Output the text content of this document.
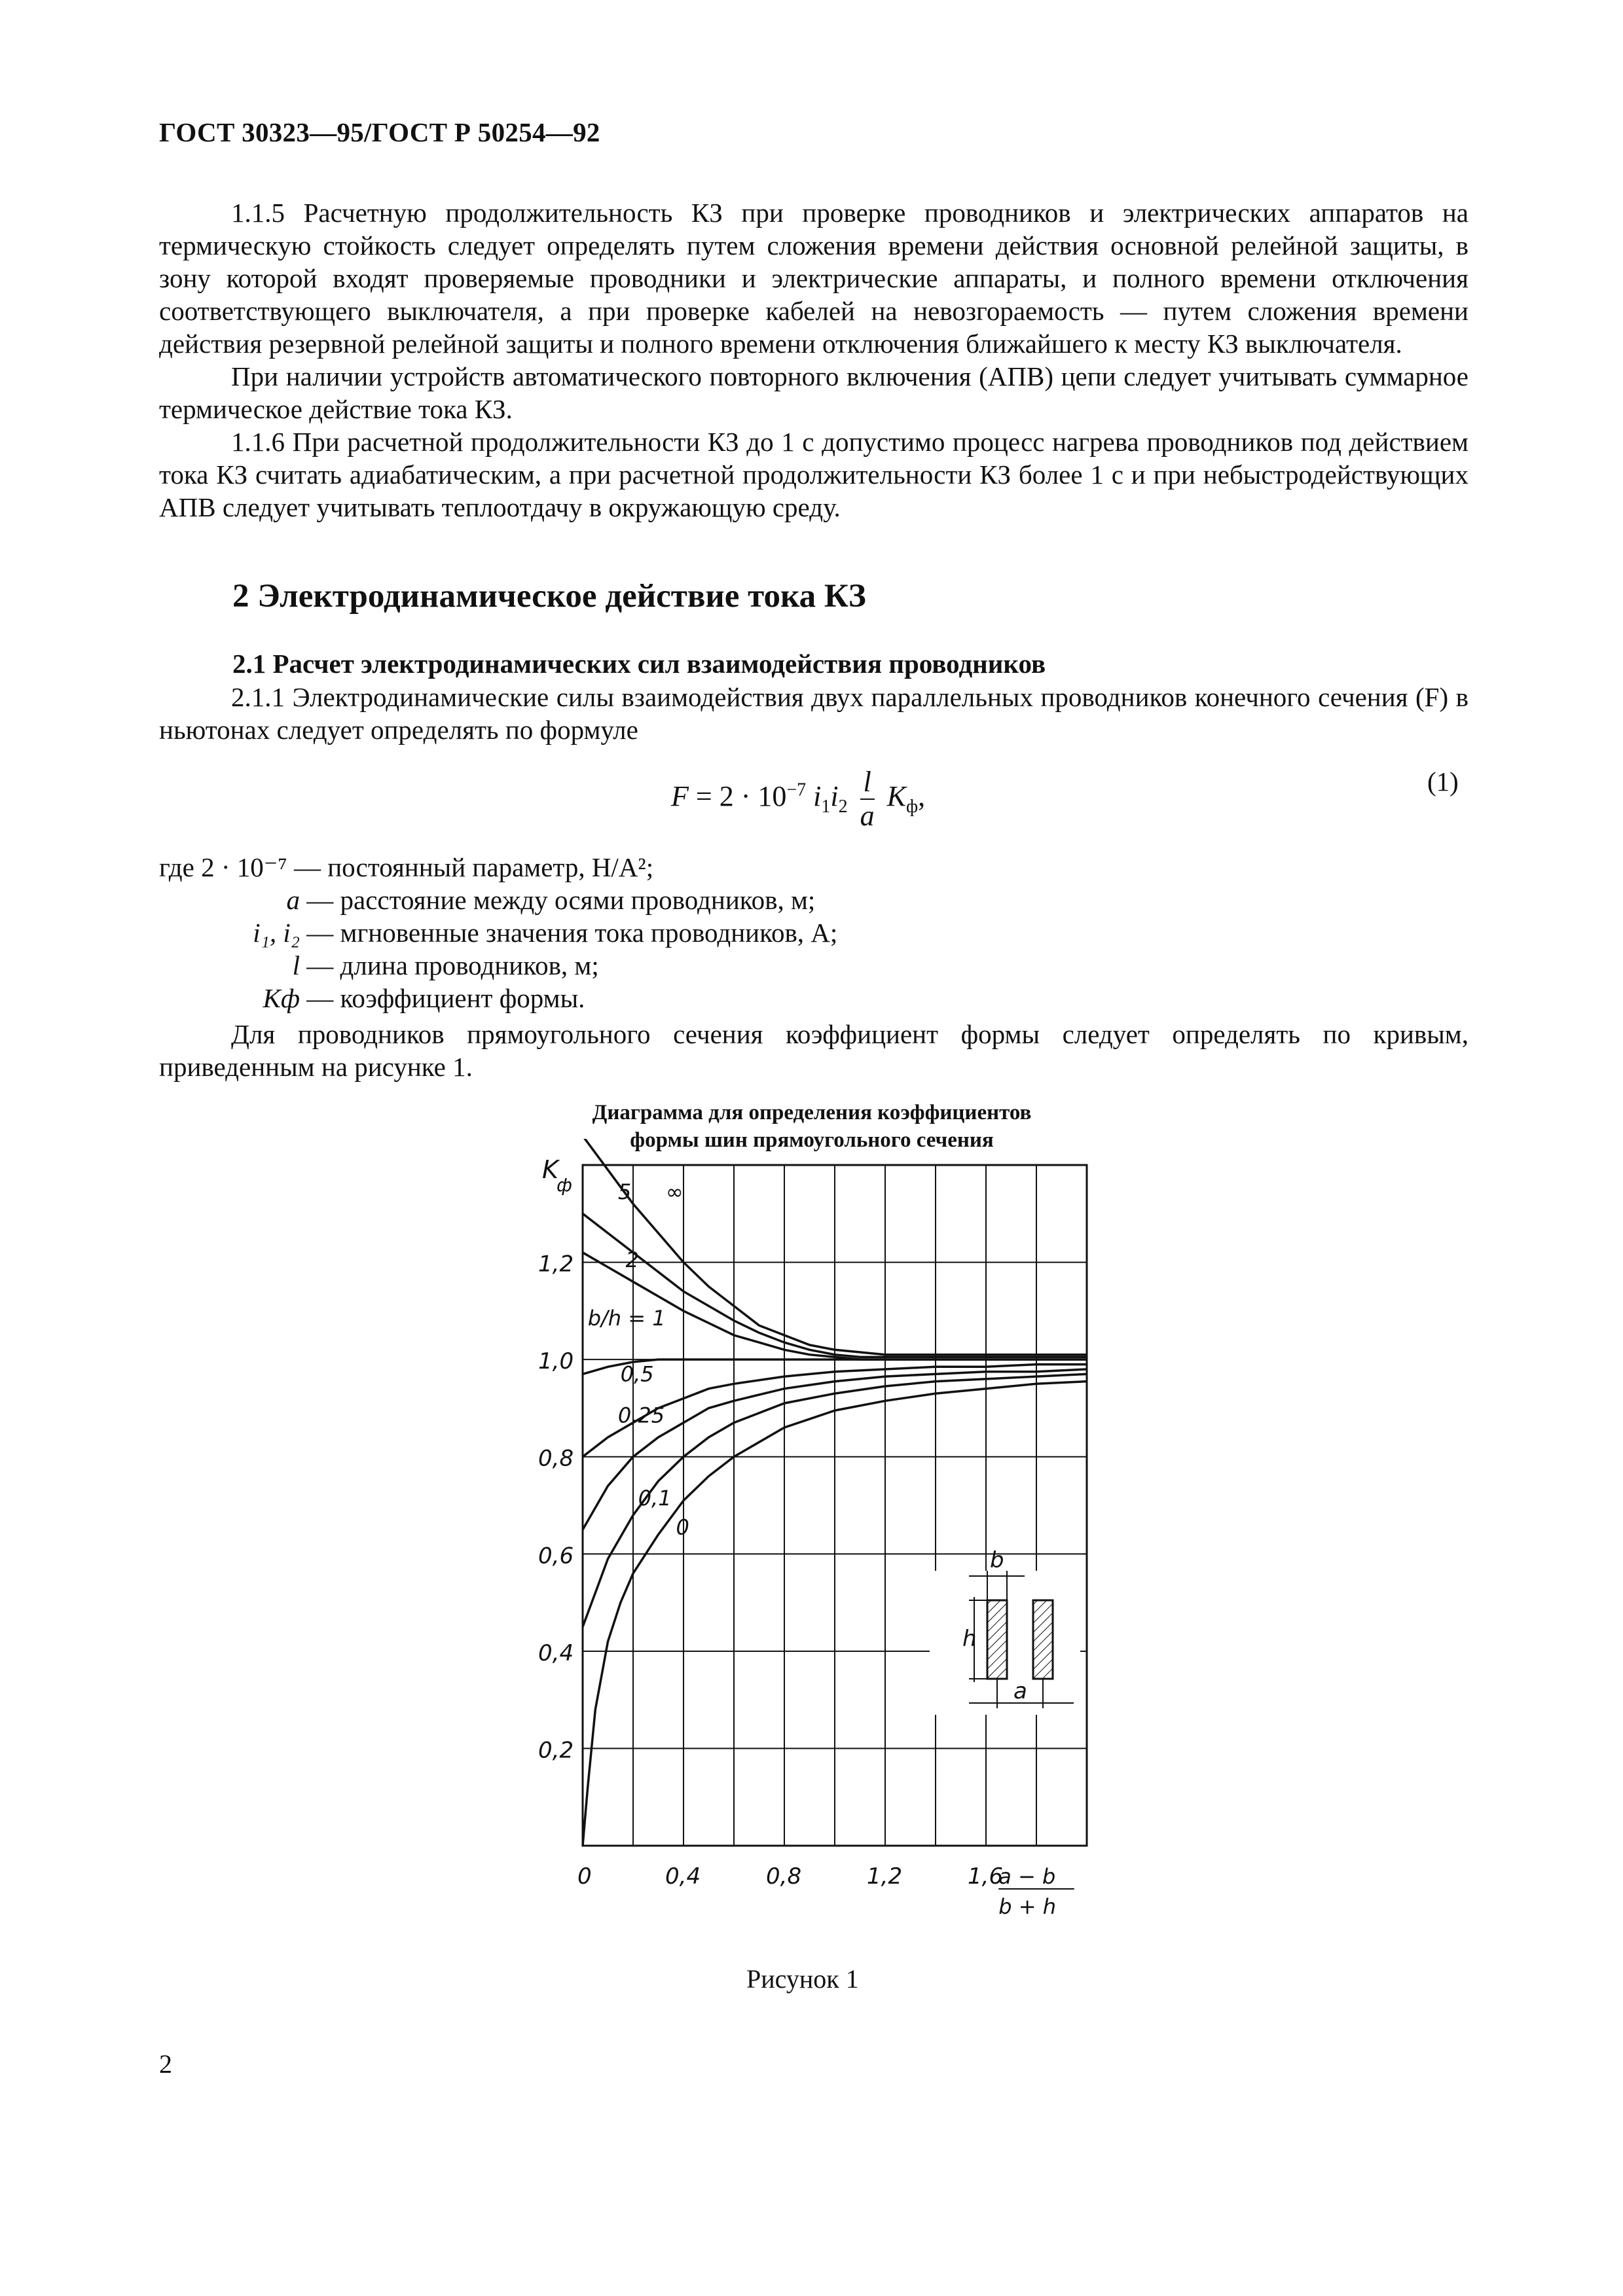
ГОСТ 30323—95/ГОСТ Р 50254—92

1.1.5 Расчетную продолжительность КЗ при проверке проводников и электрических аппаратов на термическую стойкость следует определять путем сложения времени действия основной релейной защиты, в зону которой входят проверяемые проводники и электрические аппараты, и полного времени отключения соответствующего выключателя, а при проверке кабелей на невозгораемость — путем сложения времени действия резервной релейной защиты и полного времени отключения ближайшего к месту КЗ выключателя.

При наличии устройств автоматического повторного включения (АПВ) цепи следует учитывать суммарное термическое действие тока КЗ.

1.1.6 При расчетной продолжительности КЗ до 1 с допустимо процесс нагрева проводников под действием тока КЗ считать адиабатическим, а при расчетной продолжительности КЗ более 1 с и при небыстродействующих АПВ следует учитывать теплоотдачу в окружающую среду.

2 Электродинамическое действие тока КЗ
2.1 Расчет электродинамических сил взаимодействия проводников

2.1.1 Электродинамические силы взаимодействия двух параллельных проводников конечного сечения (F) в ньютонах следует определять по формуле

$F = 2 \cdot 10^{-7}$ $i_1i_2 \frac{l}{a} K_ф$,	(1)
где 2 · 10⁻⁷ — постоянный параметр, Н/А²;
a — расстояние между осями проводников, м;
i₁, i₂ — мгновенные значения тока проводников, А;
l — длина проводников, м;
Kф — коэффициент формы.

Для проводников прямоугольного сечения коэффициент формы следует определять по кривым, приведенным на рисунке 1.

Диаграмма для определения коэффициентов
формы шин прямоугольного сечения
0	0,4	0,8	1,2	1,6
0,2
0,4
0,6
0,8
1,0
1,2
K
ф
a − b
b + h
∞
5
2
b/h = 1
0,5
0,25
0,1
0
b
h
a
Рисунок 1
2
